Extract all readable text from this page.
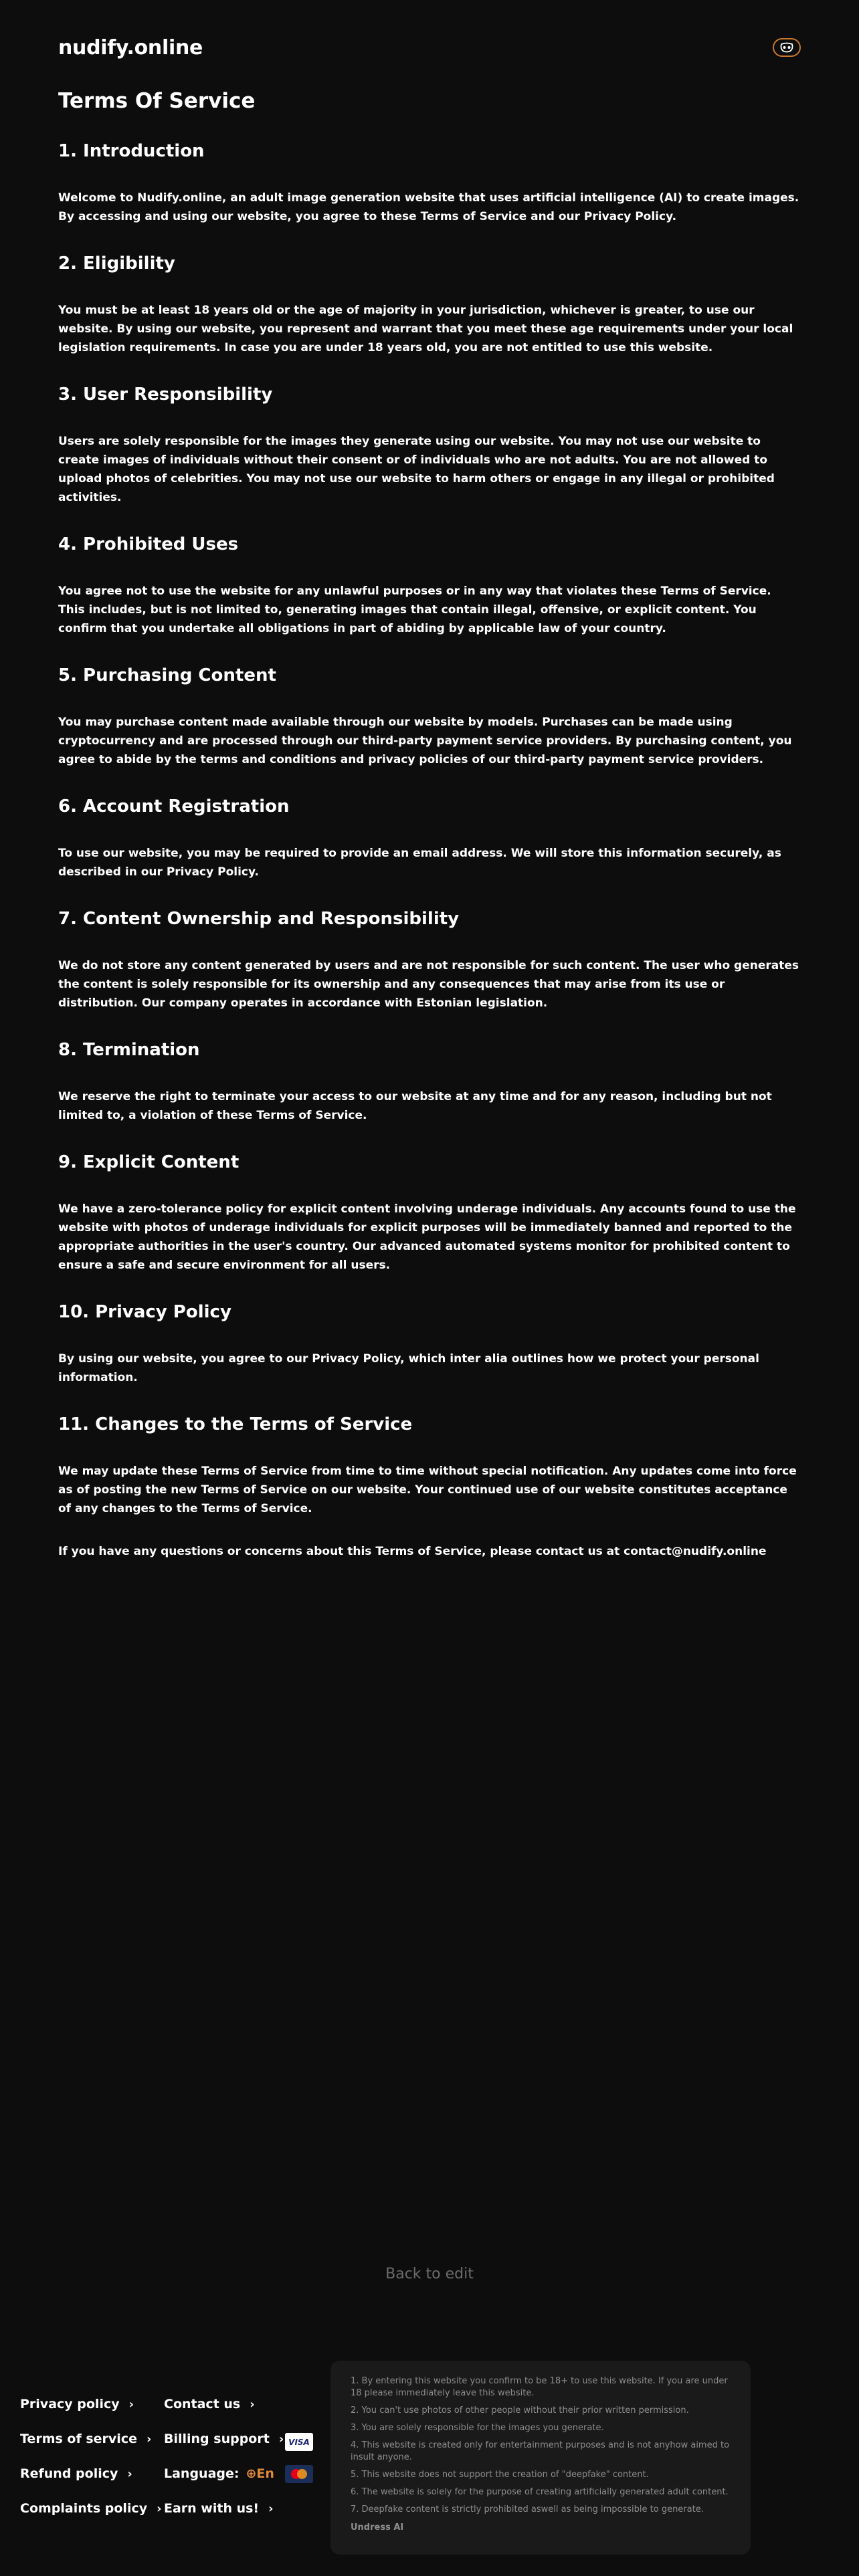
nudify.online
Terms Of Service
1. Introduction

Welcome to Nudify.online, an adult image generation website that uses artificial intelligence (AI) to create images. By accessing and using our website, you agree to these Terms of Service and our Privacy Policy.

2. Eligibility

You must be at least 18 years old or the age of majority in your jurisdiction, whichever is greater, to use our website. By using our website, you represent and warrant that you meet these age requirements under your local legislation requirements. In case you are under 18 years old, you are not entitled to use this website.

3. User Responsibility

Users are solely responsible for the images they generate using our website. You may not use our website to create images of individuals without their consent or of individuals who are not adults. You are not allowed to upload photos of celebrities. You may not use our website to harm others or engage in any illegal or prohibited activities.

4. Prohibited Uses

You agree not to use the website for any unlawful purposes or in any way that violates these Terms of Service. This includes, but is not limited to, generating images that contain illegal, offensive, or explicit content. You confirm that you undertake all obligations in part of abiding by applicable law of your country.

5. Purchasing Content

You may purchase content made available through our website by models. Purchases can be made using cryptocurrency and are processed through our third-party payment service providers. By purchasing content, you agree to abide by the terms and conditions and privacy policies of our third-party payment service providers.

6. Account Registration

To use our website, you may be required to provide an email address. We will store this information securely, as described in our Privacy Policy.

7. Content Ownership and Responsibility

We do not store any content generated by users and are not responsible for such content. The user who generates the content is solely responsible for its ownership and any consequences that may arise from its use or distribution. Our company operates in accordance with Estonian legislation.

8. Termination

We reserve the right to terminate your access to our website at any time and for any reason, including but not limited to, a violation of these Terms of Service.

9. Explicit Content

We have a zero-tolerance policy for explicit content involving underage individuals. Any accounts found to use the website with photos of underage individuals for explicit purposes will be immediately banned and reported to the appropriate authorities in the user's country. Our advanced automated systems monitor for prohibited content to ensure a safe and secure environment for all users.

10. Privacy Policy

By using our website, you agree to our Privacy Policy, which inter alia outlines how we protect your personal information.

11. Changes to the Terms of Service

We may update these Terms of Service from time to time without special notification. Any updates come into force as of posting the new Terms of Service on our website. Your continued use of our website constitutes acceptance of any changes to the Terms of Service.

If you have any questions or concerns about this Terms of Service, please contact us at contact@nudify.online

Back to edit
Privacy policy › Contact us ›
Terms of service › Billing support › VISA
Refund policy › Language: ⊕En
Complaints policy › Earn with us! ›
1. By entering this website you confirm to be 18+ to use this website. If you are under 18 please immediately leave this website.
2. You can't use photos of other people without their prior written permission.
3. You are solely responsible for the images you generate.
4. This website is created only for entertainment purposes and is not anyhow aimed to insult anyone.
5. This website does not support the creation of "deepfake" content.
6. The website is solely for the purpose of creating artificially generated adult content.
7. Deepfake content is strictly prohibited aswell as being impossible to generate.
Undress AI
